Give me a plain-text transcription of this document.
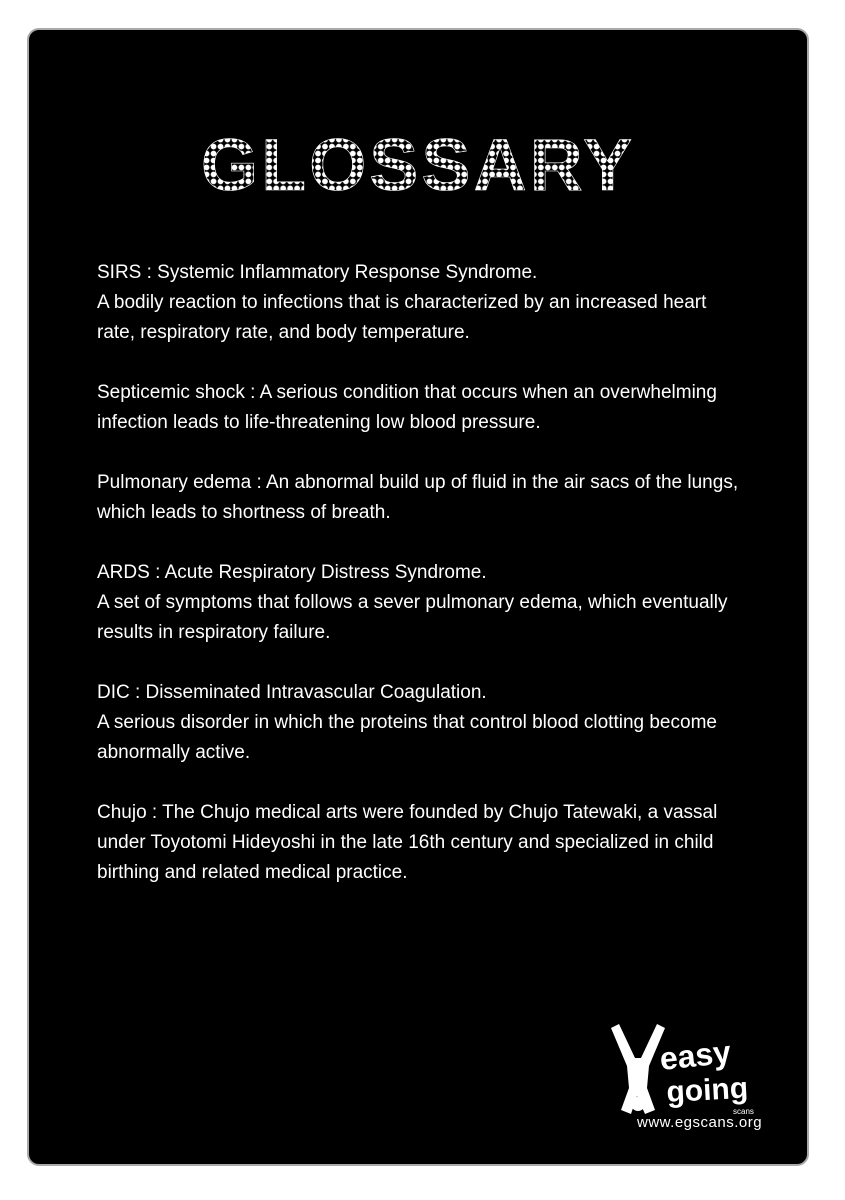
GLOSSARY
SIRS : Systemic Inflammatory Response Syndrome.
A bodily reaction to infections that is characterized by an increased heart
rate, respiratory rate, and body temperature.
Septicemic shock : A serious condition that occurs when an overwhelming
infection leads to life-threatening low blood pressure.
Pulmonary edema : An abnormal build up of fluid in the air sacs of the lungs,
which leads to shortness of breath.
ARDS : Acute Respiratory Distress Syndrome.
A set of symptoms that follows a sever pulmonary edema, which eventually
results in respiratory failure.
DIC : Disseminated Intravascular Coagulation.
A serious disorder in which the proteins that control blood clotting become
abnormally active.
Chujo : The Chujo medical arts were founded by Chujo Tatewaki, a vassal
under Toyotomi Hideyoshi in the late 16th century and specialized in child
birthing and related medical practice.
easy
going
scans
www.egscans.org
